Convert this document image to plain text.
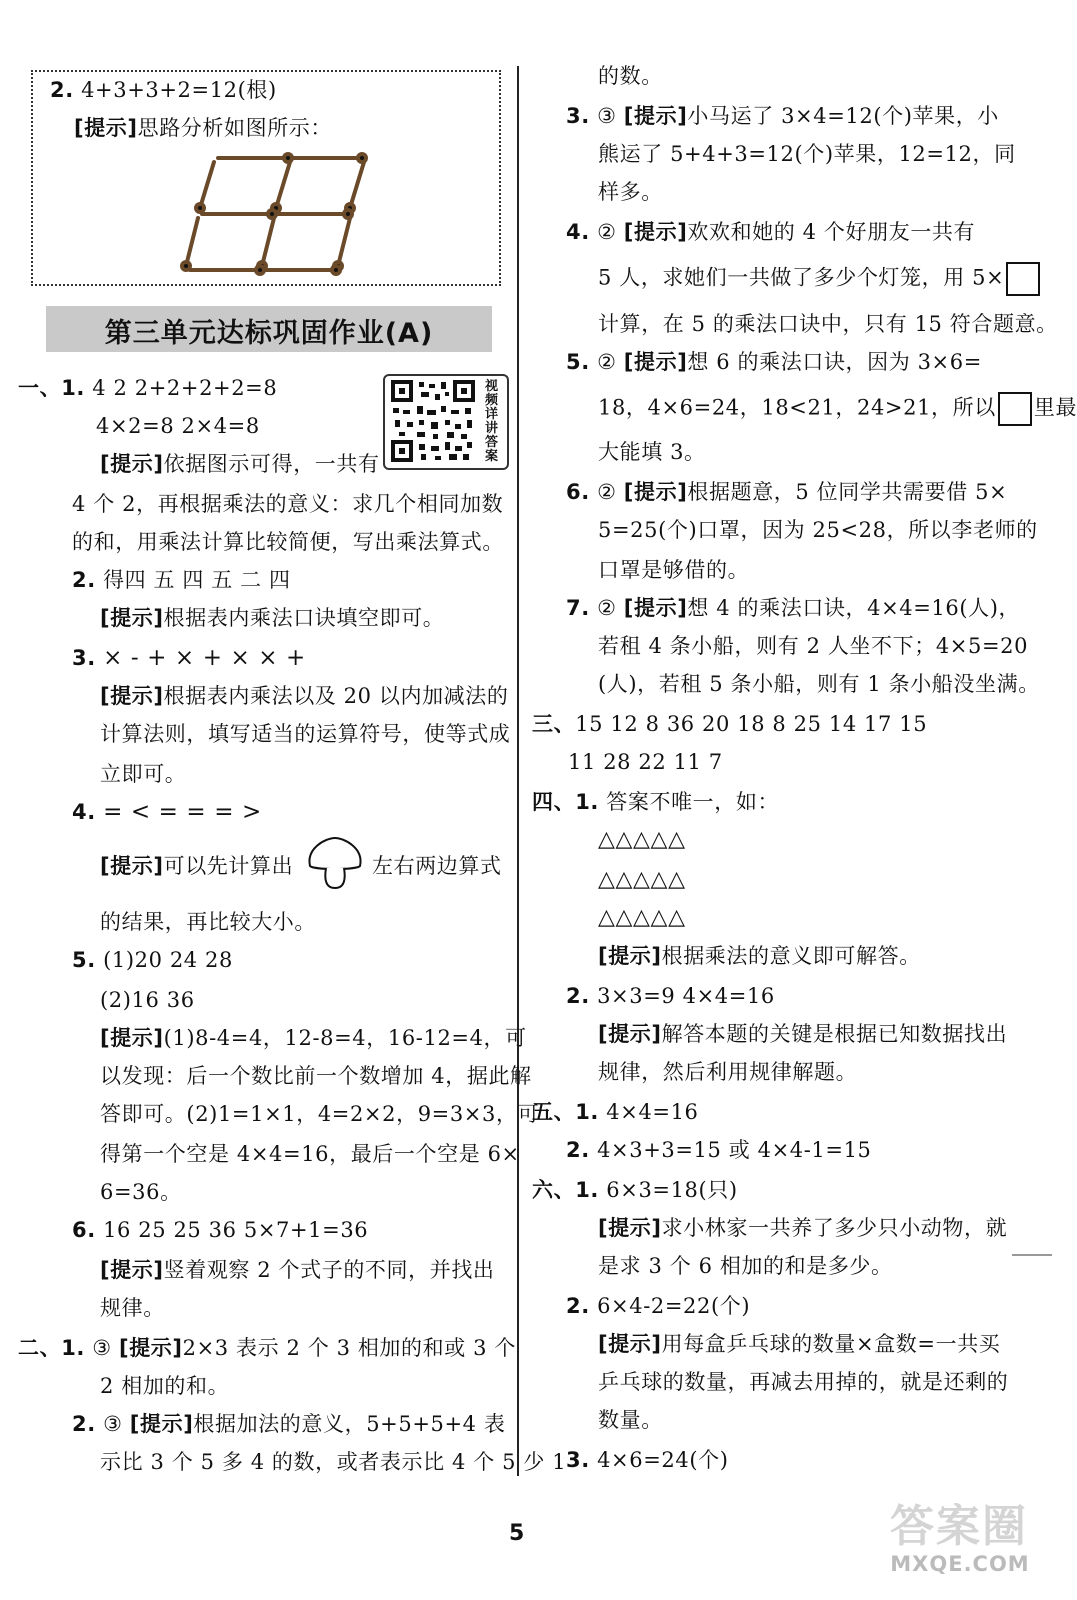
2. 4+3+3+2=12(根)
[提示]思路分析如图所示：
第三单元达标巩固作业(A)
视频详讲答案
一、1. 4 2 2+2+2+2=8
4×2=8 2×4=8
[提示]依据图示可得，一共有
4 个 2，再根据乘法的意义：求几个相同加数
的和，用乘法计算比较简便，写出乘法算式。
2. 得四 五 四 五 二 四
[提示]根据表内乘法口诀填空即可。
3. × - + × + × × +
[提示]根据表内乘法以及 20 以内加减法的
计算法则，填写适当的运算符号，使等式成
立即可。
4. = < = = = >
[提示]可以先计算出	左右两边算式
的结果，再比较大小。
5. (1)20 24 28
(2)16 36
[提示](1)8-4=4，12-8=4，16-12=4，可
以发现：后一个数比前一个数增加 4，据此解
答即可。(2)1=1×1，4=2×2，9=3×3，可
得第一个空是 4×4=16，最后一个空是 6×
6=36。
6. 16 25 25 36 5×7+1=36
[提示]竖着观察 2 个式子的不同，并找出
规律。
二、1. ③ [提示]2×3 表示 2 个 3 相加的和或 3 个
2 相加的和。
2. ③ [提示]根据加法的意义，5+5+5+4 表
示比 3 个 5 多 4 的数，或者表示比 4 个 5 少 1
的数。
3. ③ [提示]小马运了 3×4=12(个)苹果，小
熊运了 5+4+3=12(个)苹果，12=12，同
样多。
4. ② [提示]欢欢和她的 4 个好朋友一共有
5 人，求她们一共做了多少个灯笼，用 5×
计算，在 5 的乘法口诀中，只有 15 符合题意。
5. ② [提示]想 6 的乘法口诀，因为 3×6=
18，4×6=24，18<21，24>21，所以 里最
大能填 3。
6. ② [提示]根据题意，5 位同学共需要借 5×
5=25(个)口罩，因为 25<28，所以李老师的
口罩是够借的。
7. ② [提示]想 4 的乘法口诀，4×4=16(人)，
若租 4 条小船，则有 2 人坐不下；4×5=20
(人)，若租 5 条小船，则有 1 条小船没坐满。
三、15 12 8 36 20 18 8 25 14 17 15
11 28 22 11 7
四、1. 答案不唯一，如：
△△△△△
△△△△△
△△△△△
[提示]根据乘法的意义即可解答。
2. 3×3=9 4×4=16
[提示]解答本题的关键是根据已知数据找出
规律，然后利用规律解题。
五、1. 4×4=16
2. 4×3+3=15 或 4×4-1=15
六、1. 6×3=18(只)
[提示]求小林家一共养了多少只小动物，就
是求 3 个 6 相加的和是多少。
2. 6×4-2=22(个)
[提示]用每盒乒乓球的数量×盒数=一共买
乒乓球的数量，再减去用掉的，就是还剩的
数量。
3. 4×6=24(个)
5	答案圈
MXQE.COM
